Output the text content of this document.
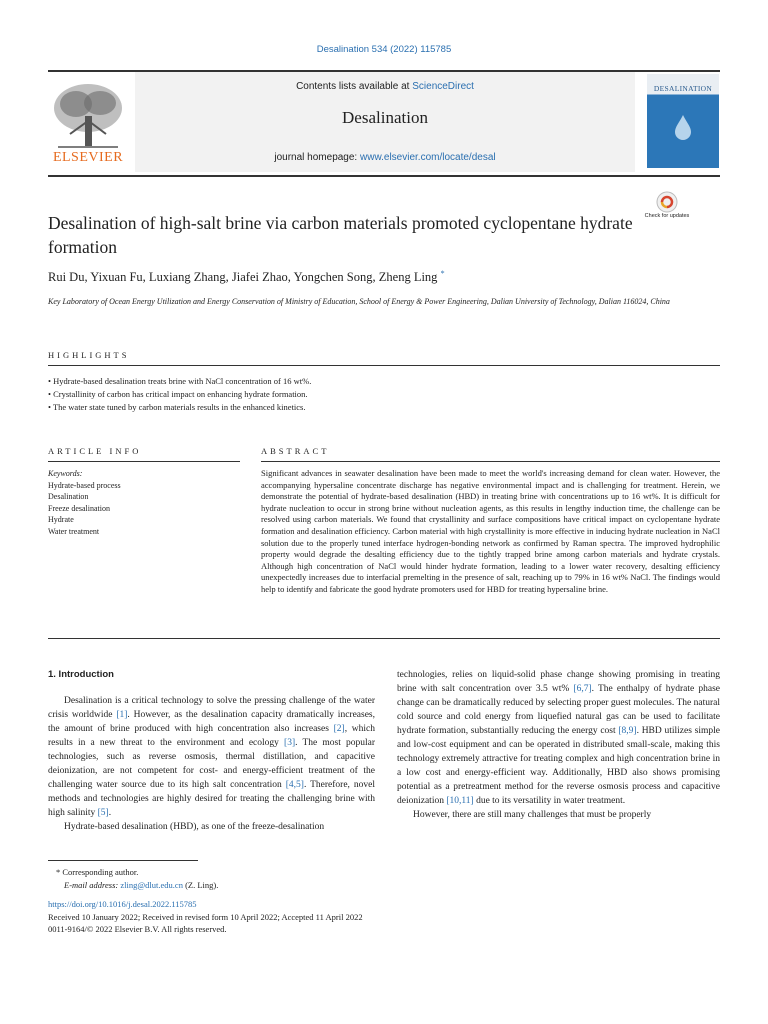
Desalination 534 (2022) 115785
Contents lists available at ScienceDirect
Desalination
journal homepage: www.elsevier.com/locate/desal
ELSEVIER
DESALINATION
Check for updates
Desalination of high-salt brine via carbon materials promoted cyclopentane hydrate formation
Rui Du, Yixuan Fu, Luxiang Zhang, Jiafei Zhao, Yongchen Song, Zheng Ling *
Key Laboratory of Ocean Energy Utilization and Energy Conservation of Ministry of Education, School of Energy & Power Engineering, Dalian University of Technology, Dalian 116024, China
HIGHLIGHTS
• Hydrate-based desalination treats brine with NaCl concentration of 16 wt%.
• Crystallinity of carbon has critical impact on enhancing hydrate formation.
• The water state tuned by carbon materials results in the enhanced kinetics.
ARTICLE INFO
Keywords:
Hydrate-based process
Desalination
Freeze desalination
Hydrate
Water treatment
ABSTRACT
Significant advances in seawater desalination have been made to meet the world's increasing demand for clean water. However, the accompanying hypersaline concentrate discharge has negative environmental impact and is challenging for treatment. Herein, we demonstrate the potential of hydrate-based desalination (HBD) in treating brine with concentrations up to 16 wt%. It is difficult for hydrate nucleation to occur in strong brine without nucleation agents, as this results in lengthy induction time, the challenge can be resolved using carbon materials. We found that crystallinity and surface compositions have critical impact on cyclopentane hydrate formation and desalination efficiency. Carbon material with high crystallinity is more effective in inducing hydrate nucleation in NaCl solution due to the properly tuned interface hydrogen-bonding network as confirmed by Raman spectra. The improved hydrophilic property would degrade the desalting efficiency due to the tightly trapped brine among carbon materials and hydrate crystals. Although high concentration of NaCl would hinder hydrate formation, leading to a lower water recovery, desalting efficiency unexpectedly increases due to interfacial premelting in the presence of salt, reaching up to 79% in 16 wt% NaCl. The findings would help to identify and fabricate the good hydrate promoters used for HBD for treating hypersaline brine.

1. Introduction

Desalination is a critical technology to solve the pressing challenge of the water crisis worldwide [1]. However, as the desalination capacity dramatically increases, the amount of brine produced with high concentration also increases [2], which results in a new threat to the environment and ecology [3]. The most popular technologies, such as reverse osmosis, thermal distillation, and capacitive deionization, are not competent for cost- and energy-efficient treatment of the challenging water source due to its high salt concentration [4,5]. Therefore, novel methods and technologies are highly desired for treating the challenging brine with high salinity [5].

Hydrate-based desalination (HBD), as one of the freeze-desalination

technologies, relies on liquid-solid phase change showing promising in treating brine with salt concentration over 3.5 wt% [6,7]. The enthalpy of hydrate phase change can be dramatically reduced by selecting proper guest molecules. The natural cold source and cold energy from liquefied natural gas can be used to facilitate hydrate formation, substantially reducing the energy cost [8,9]. HBD utilizes simple and low-cost equipment and can be operated in distributed small-scale, making this technology extremely attractive for treating complex and high concentration brine in a low cost and energy-efficient way. Additionally, HBD also shows promising potential as a pretreatment method for the reverse osmosis process and capacitive deionization [10,11] due to its versatility in water treatment.

However, there are still many challenges that must be properly

* Corresponding author.
E-mail address: zling@dlut.edu.cn (Z. Ling).
https://doi.org/10.1016/j.desal.2022.115785
Received 10 January 2022; Received in revised form 10 April 2022; Accepted 11 April 2022
0011-9164/© 2022 Elsevier B.V. All rights reserved.
